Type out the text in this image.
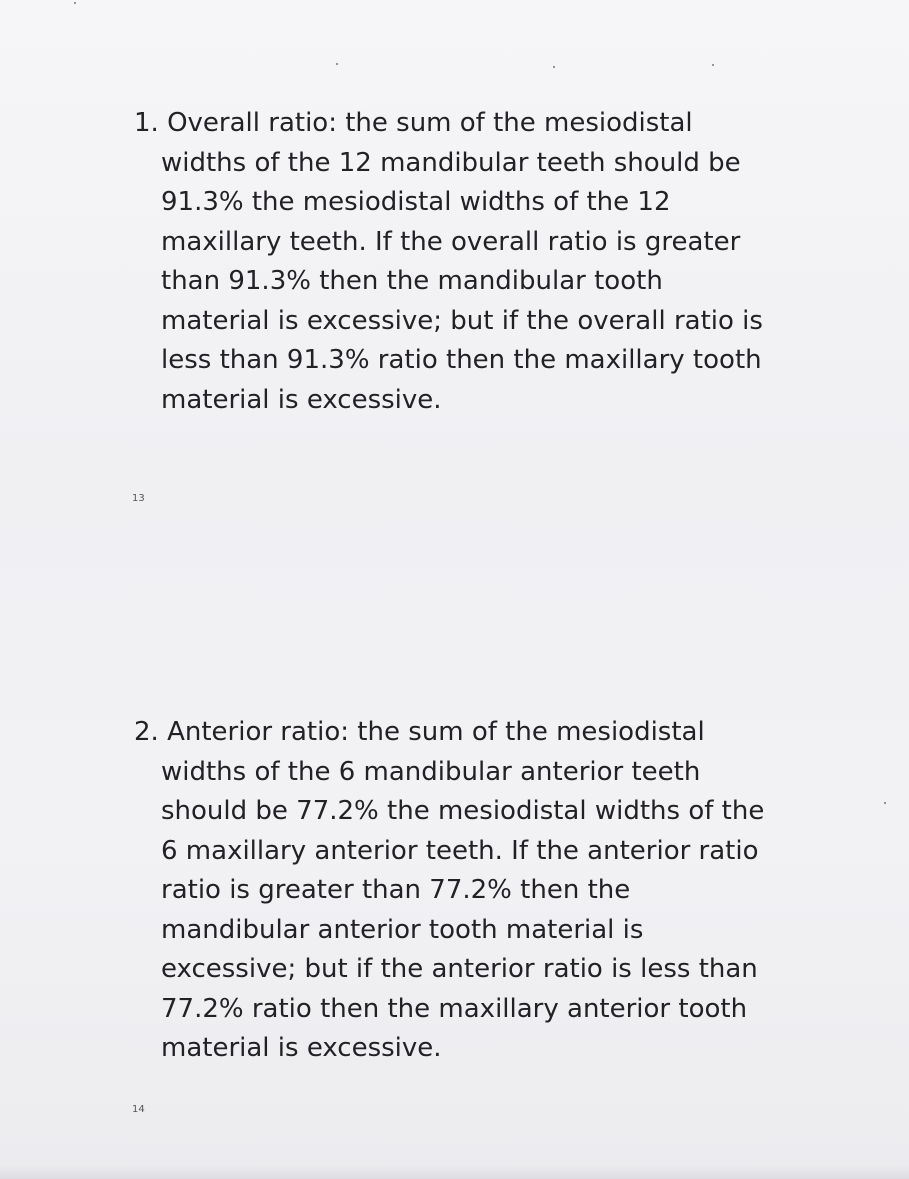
1. Overall ratio: the sum of the mesiodistal
widths of the 12 mandibular teeth should be
91.3% the mesiodistal widths of the 12
maxillary teeth. If the overall ratio is greater
than 91.3% then the mandibular tooth
material is excessive; but if the overall ratio is
less than 91.3% ratio then the maxillary tooth
material is excessive.
13
2. Anterior ratio: the sum of the mesiodistal
widths of the 6 mandibular anterior teeth
should be 77.2% the mesiodistal widths of the
6 maxillary anterior teeth. If the anterior ratio
ratio is greater than 77.2% then the
mandibular anterior tooth material is
excessive; but if the anterior ratio is less than
77.2% ratio then the maxillary anterior tooth
material is excessive.
14
